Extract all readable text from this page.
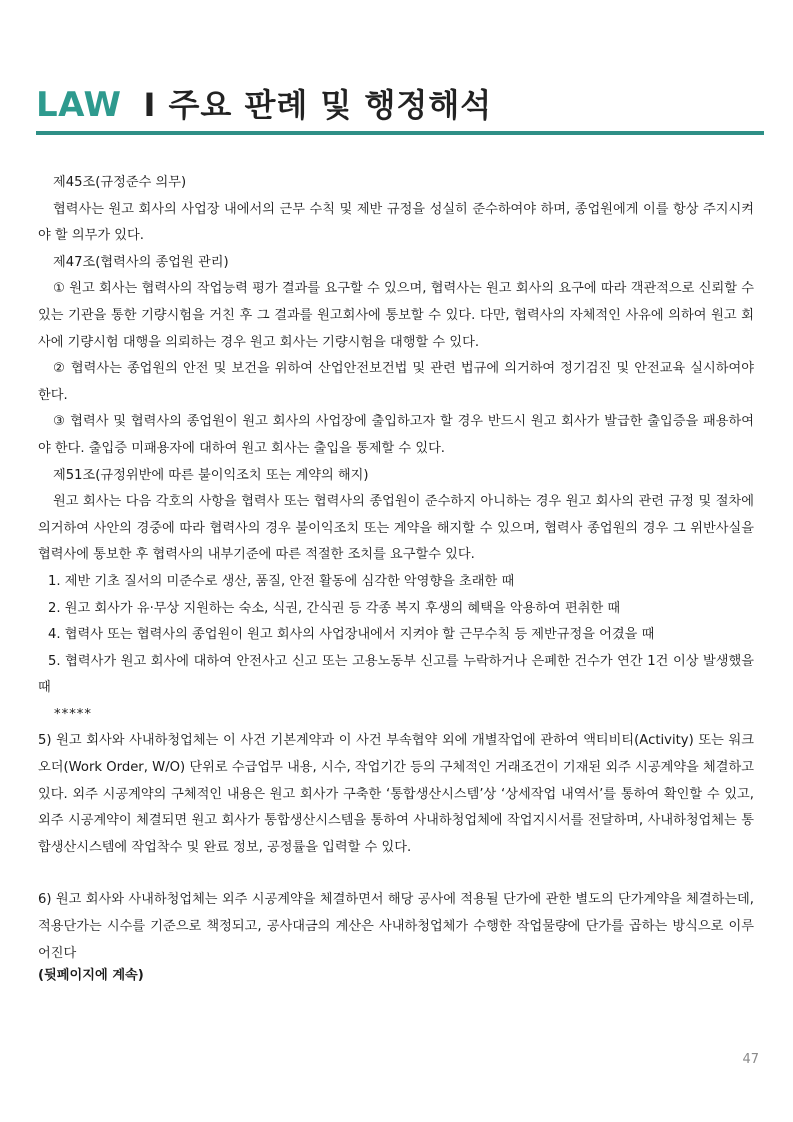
LAW I 주요 판례 및 행정해석

제45조(규정준수 의무)

협력사는 원고 회사의 사업장 내에서의 근무 수칙 및 제반 규정을 성실히 준수하여야 하며, 종업원에게 이를 항상 주지시켜야 할 의무가 있다.

제47조(협력사의 종업원 관리)

① 원고 회사는 협력사의 작업능력 평가 결과를 요구할 수 있으며, 협력사는 원고 회사의 요구에 따라 객관적으로 신뢰할 수 있는 기관을 통한 기량시험을 거친 후 그 결과를 원고회사에 통보할 수 있다. 다만, 협력사의 자체적인 사유에 의하여 원고 회사에 기량시험 대행을 의뢰하는 경우 원고 회사는 기량시험을 대행할 수 있다.

② 협력사는 종업원의 안전 및 보건을 위하여 산업안전보건법 및 관련 법규에 의거하여 정기검진 및 안전교육 실시하여야 한다.

③ 협력사 및 협력사의 종업원이 원고 회사의 사업장에 출입하고자 할 경우 반드시 원고 회사가 발급한 출입증을 패용하여야 한다. 출입증 미패용자에 대하여 원고 회사는 출입을 통제할 수 있다.

제51조(규정위반에 따른 불이익조치 또는 계약의 해지)

원고 회사는 다음 각호의 사항을 협력사 또는 협력사의 종업원이 준수하지 아니하는 경우 원고 회사의 관련 규정 및 절차에 의거하여 사안의 경중에 따라 협력사의 경우 불이익조치 또는 계약을 해지할 수 있으며, 협력사 종업원의 경우 그 위반사실을 협력사에 통보한 후 협력사의 내부기준에 따른 적절한 조치를 요구할수 있다.

1. 제반 기초 질서의 미준수로 생산, 품질, 안전 활동에 심각한 악영향을 초래한 때

2. 원고 회사가 유·무상 지원하는 숙소, 식권, 간식권 등 각종 복지 후생의 혜택을 악용하여 편취한 때

4. 협력사 또는 협력사의 종업원이 원고 회사의 사업장내에서 지켜야 할 근무수칙 등 제반규정을 어겼을 때

5. 협력사가 원고 회사에 대하여 안전사고 신고 또는 고용노동부 신고를 누락하거나 은폐한 건수가 연간 1건 이상 발생했을 때

*****

5) 원고 회사와 사내하청업체는 이 사건 기본계약과 이 사건 부속협약 외에 개별작업에 관하여 액티비티(Activity) 또는 워크오더(Work Order, W/O) 단위로 수급업무 내용, 시수, 작업기간 등의 구체적인 거래조건이 기재된 외주 시공계약을 체결하고 있다. 외주 시공계약의 구체적인 내용은 원고 회사가 구축한 ‘통합생산시스템’상 ‘상세작업 내역서’를 통하여 확인할 수 있고, 외주 시공계약이 체결되면 원고 회사가 통합생산시스템을 통하여 사내하청업체에 작업지시서를 전달하며, 사내하청업체는 통합생산시스템에 작업착수 및 완료 정보, 공정률을 입력할 수 있다.

6) 원고 회사와 사내하청업체는 외주 시공계약을 체결하면서 해당 공사에 적용될 단가에 관한 별도의 단가계약을 체결하는데, 적용단가는 시수를 기준으로 책정되고, 공사대금의 계산은 사내하청업체가 수행한 작업물량에 단가를 곱하는 방식으로 이루어진다

(뒷페이지에 계속)

47
